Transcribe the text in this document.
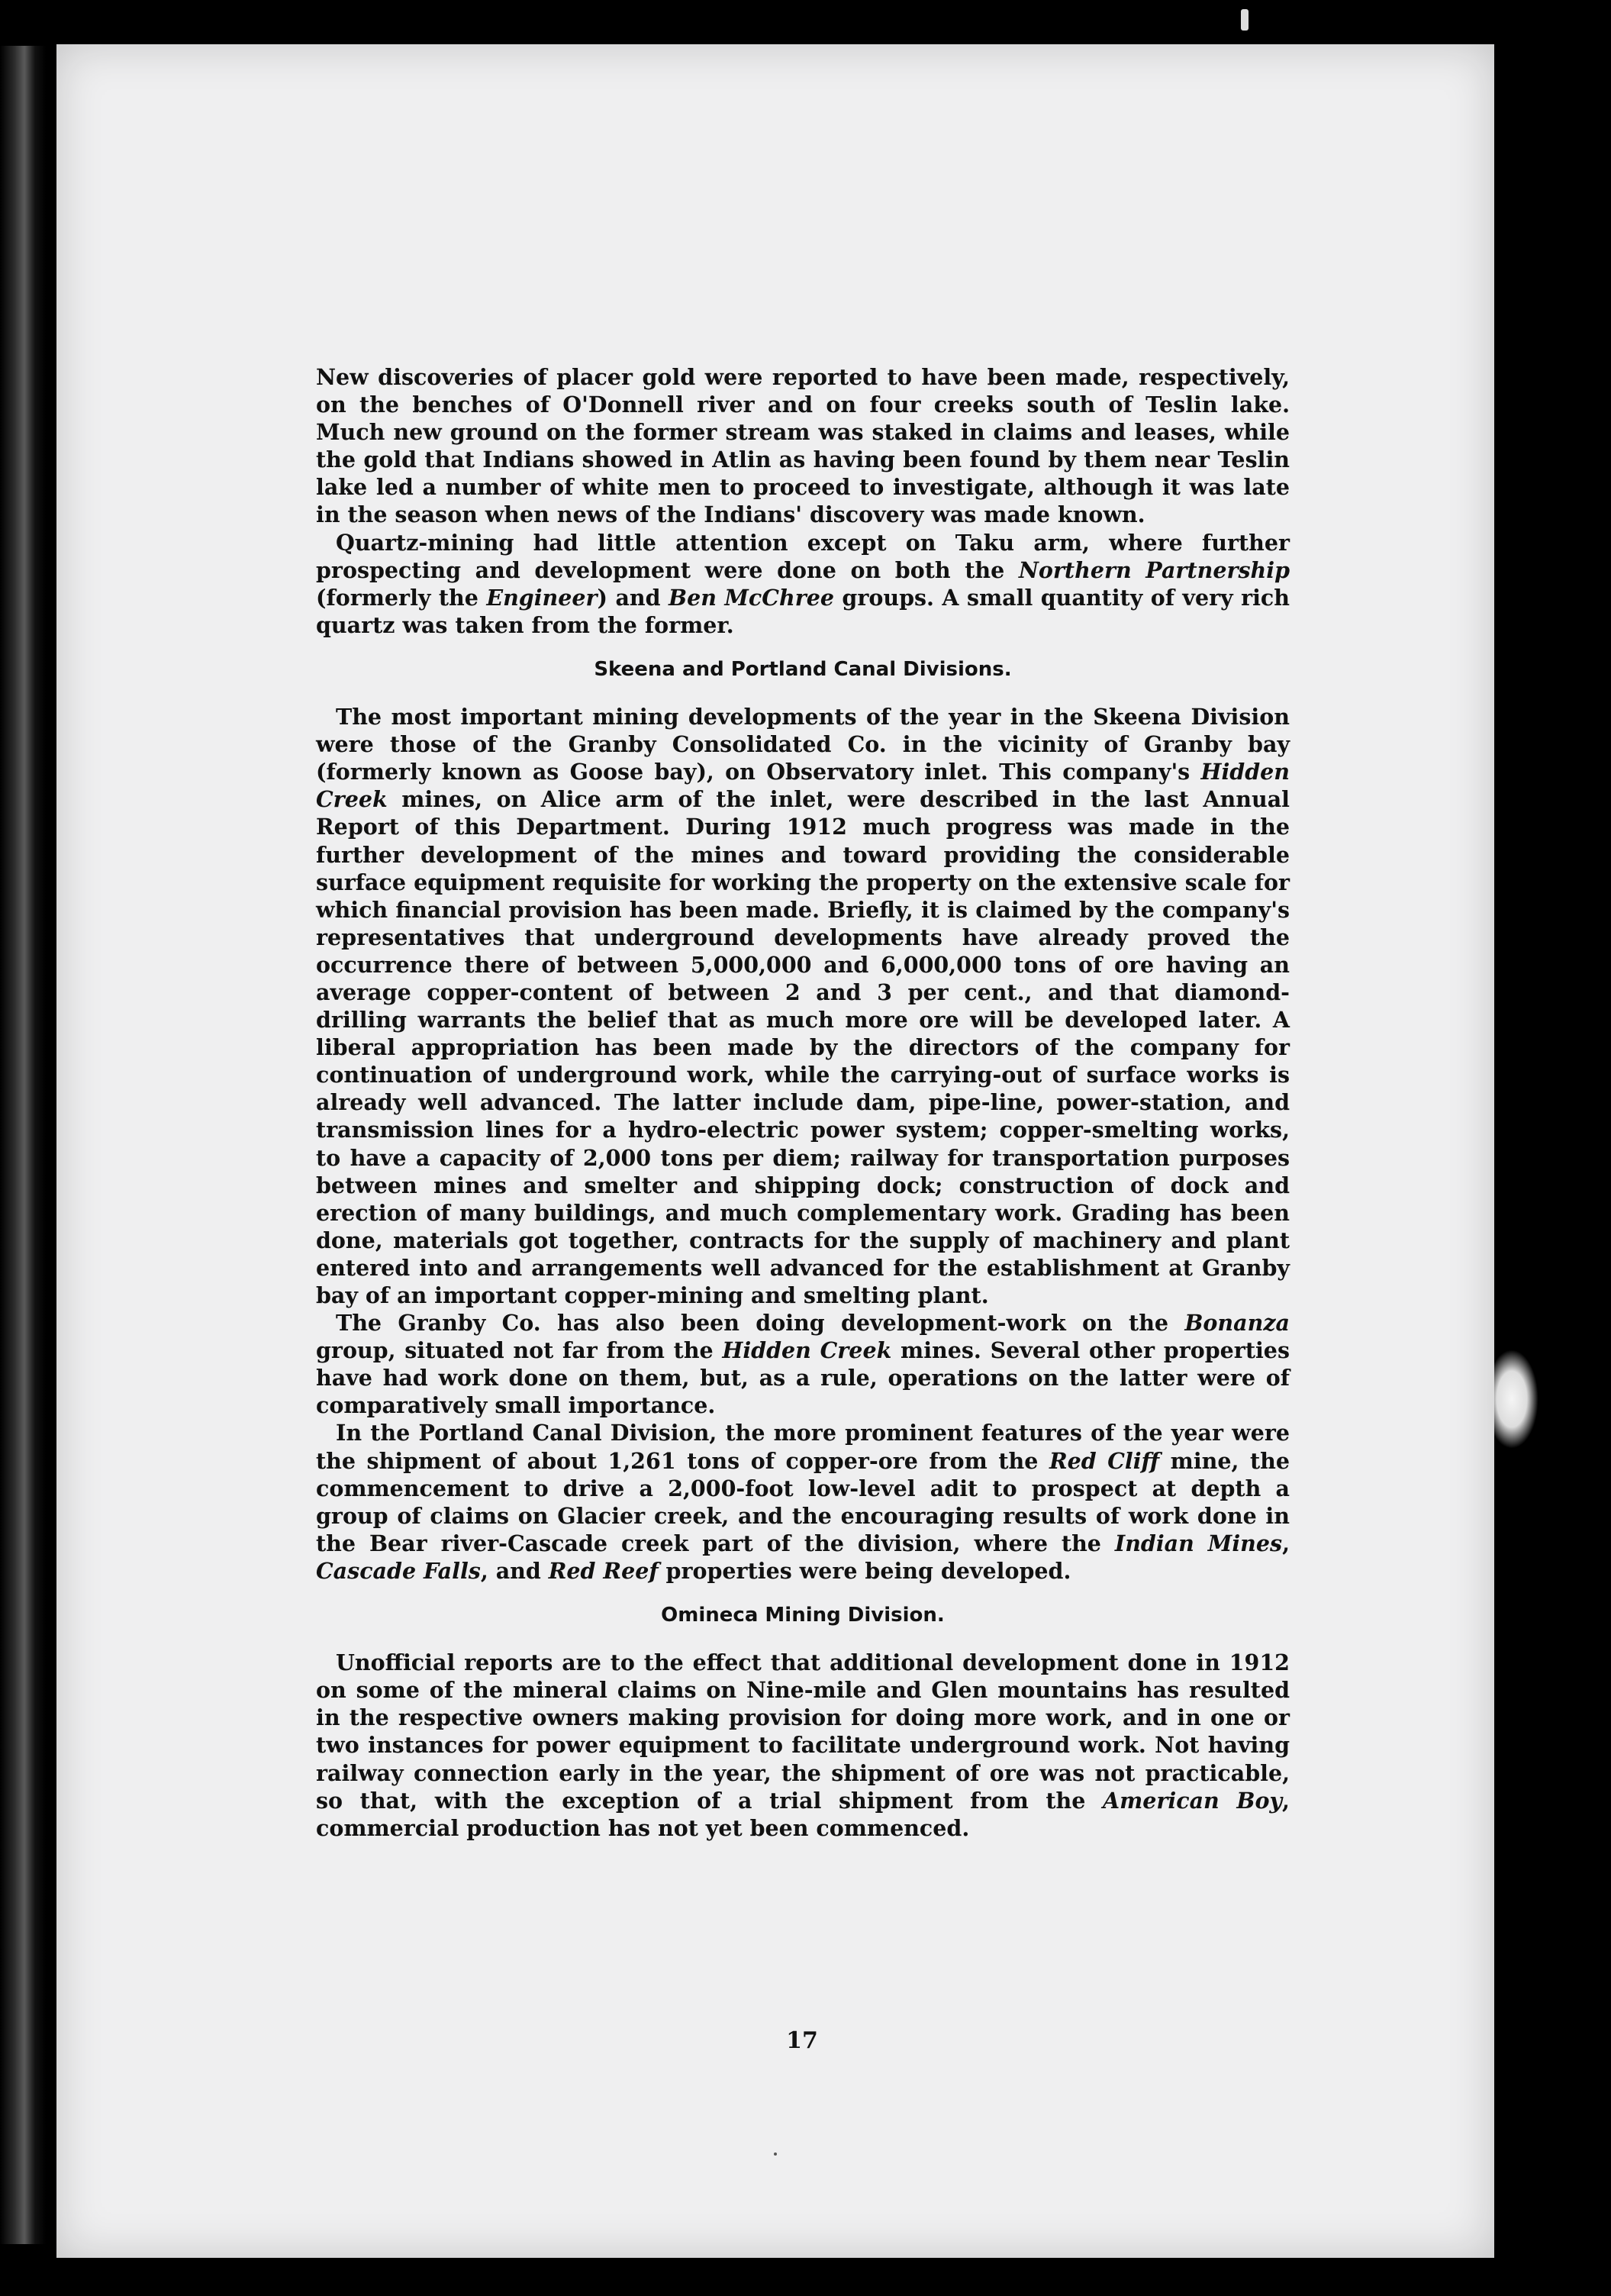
New discoveries of placer gold were reported to have been made, respectively, on the benches of O'Donnell river and on four creeks south of Teslin lake. Much new ground on the former stream was staked in claims and leases, while the gold that Indians showed in Atlin as having been found by them near Teslin lake led a number of white men to proceed to investigate, although it was late in the season when news of the Indians' discovery was made known.

Quartz-mining had little attention except on Taku arm, where further prospecting and development were done on both the Northern Partnership (formerly the Engineer) and Ben McChree groups. A small quantity of very rich quartz was taken from the former.

Skeena and Portland Canal Divisions.

The most important mining developments of the year in the Skeena Division were those of the Granby Consolidated Co. in the vicinity of Granby bay (formerly known as Goose bay), on Observatory inlet. This company's Hidden Creek mines, on Alice arm of the inlet, were described in the last Annual Report of this Department. During 1912 much progress was made in the further development of the mines and toward providing the considerable surface equipment requisite for working the property on the extensive scale for which financial provision has been made. Briefly, it is claimed by the company's representatives that underground developments have already proved the occurrence there of between 5,000,000 and 6,000,000 tons of ore having an average copper-content of between 2 and 3 per cent., and that diamond-drilling warrants the belief that as much more ore will be developed later. A liberal appropriation has been made by the directors of the company for continuation of underground work, while the carrying-out of surface works is already well advanced. The latter include dam, pipe-line, power-station, and transmission lines for a hydro-electric power system; copper-smelting works, to have a capacity of 2,000 tons per diem; railway for transportation purposes between mines and smelter and shipping dock; construction of dock and erection of many buildings, and much complementary work. Grading has been done, materials got together, contracts for the supply of machinery and plant entered into and arrangements well advanced for the establishment at Granby bay of an important copper-mining and smelting plant.

The Granby Co. has also been doing development-work on the Bonanza group, situated not far from the Hidden Creek mines. Several other properties have had work done on them, but, as a rule, operations on the latter were of comparatively small importance.

In the Portland Canal Division, the more prominent features of the year were the shipment of about 1,261 tons of copper-ore from the Red Cliff mine, the commencement to drive a 2,000-foot low-level adit to prospect at depth a group of claims on Glacier creek, and the encouraging results of work done in the Bear river-Cascade creek part of the division, where the Indian Mines, Cascade Falls, and Red Reef properties were being developed.

Omineca Mining Division.

Unofficial reports are to the effect that additional development done in 1912 on some of the mineral claims on Nine-mile and Glen mountains has resulted in the respective owners making provision for doing more work, and in one or two instances for power equipment to facilitate underground work. Not having railway connection early in the year, the shipment of ore was not practicable, so that, with the exception of a trial shipment from the American Boy, commercial production has not yet been commenced.

17
